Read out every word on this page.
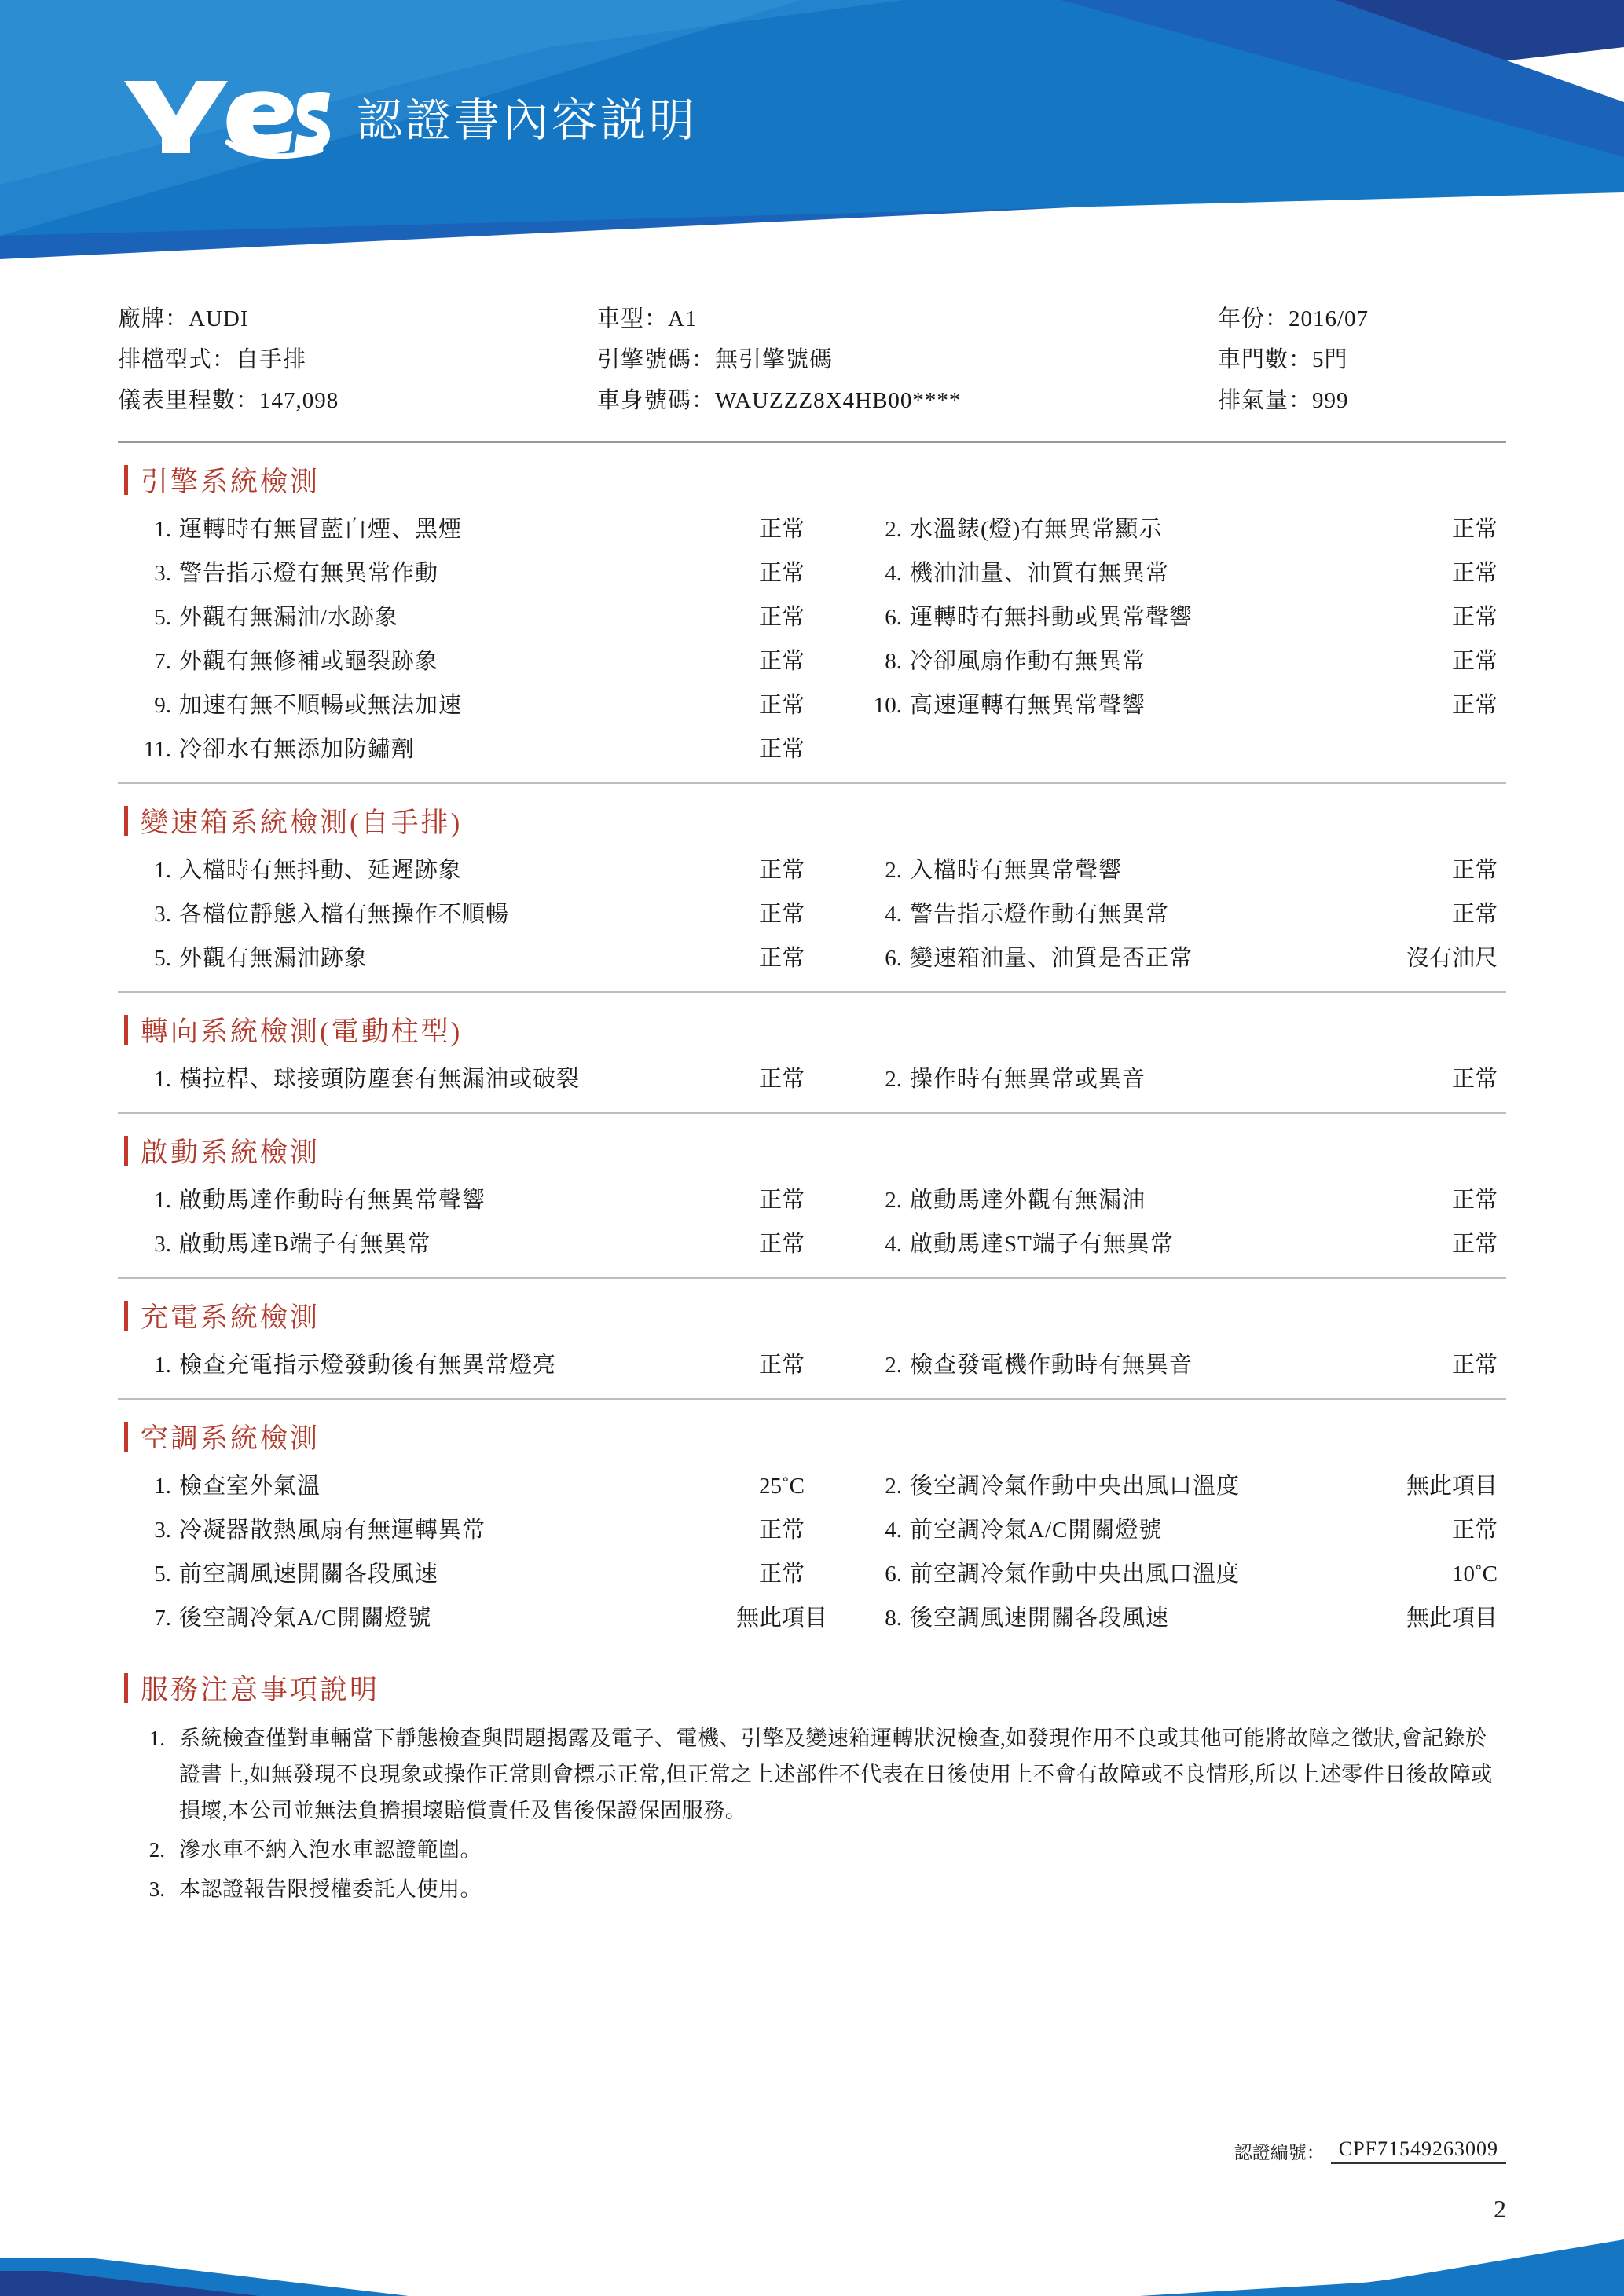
認證書內容説明
廠牌：AUDI
排檔型式：自手排
儀表里程數：147,098
車型：A1
引擎號碼：無引擎號碼
車身號碼：WAUZZZ8X4HB00****
年份：2016/07
車門數：5門
排氣量：999
引擎系統檢測
1. 運轉時有無冒藍白煙、黑煙	正常	2. 水溫錶(燈)有無異常顯示	正常
3. 警告指示燈有無異常作動	正常	4. 機油油量、油質有無異常	正常
5. 外觀有無漏油/水跡象	正常	6. 運轉時有無抖動或異常聲響	正常
7. 外觀有無修補或龜裂跡象	正常	8. 冷卻風扇作動有無異常	正常
9. 加速有無不順暢或無法加速	正常	10. 高速運轉有無異常聲響	正常
11. 冷卻水有無添加防鏽劑	正常
變速箱系統檢測(自手排)
1. 入檔時有無抖動、延遲跡象	正常	2. 入檔時有無異常聲響	正常
3. 各檔位靜態入檔有無操作不順暢	正常	4. 警告指示燈作動有無異常	正常
5. 外觀有無漏油跡象	正常	6. 變速箱油量、油質是否正常	沒有油尺
轉向系統檢測(電動柱型)
1. 橫拉桿、球接頭防塵套有無漏油或破裂	正常	2. 操作時有無異常或異音	正常
啟動系統檢測
1. 啟動馬達作動時有無異常聲響	正常	2. 啟動馬達外觀有無漏油	正常
3. 啟動馬達B端子有無異常	正常	4. 啟動馬達ST端子有無異常	正常
充電系統檢測
1. 檢查充電指示燈發動後有無異常燈亮	正常	2. 檢查發電機作動時有無異音	正常
空調系統檢測
1. 檢查室外氣溫	25˚C	2. 後空調冷氣作動中央出風口溫度	無此項目
3. 冷凝器散熱風扇有無運轉異常	正常	4. 前空調冷氣A/C開關燈號	正常
5. 前空調風速開關各段風速	正常	6. 前空調冷氣作動中央出風口溫度	10˚C
7. 後空調冷氣A/C開關燈號	無此項目	8. 後空調風速開關各段風速	無此項目
服務注意事項說明
1. 系統檢查僅對車輛當下靜態檢查與問題揭露及電子、電機、引擎及變速箱運轉狀況檢查,如發現作用不良或其他可能將故障之徵狀,會記錄於證書上,如無發現不良現象或操作正常則會標示正常,但正常之上述部件不代表在日後使用上不會有故障或不良情形,所以上述零件日後故障或損壞,本公司並無法負擔損壞賠償責任及售後保證保固服務。
2. 滲水車不納入泡水車認證範圍。
3. 本認證報告限授權委託人使用。
認證編號： CPF71549263009
2
